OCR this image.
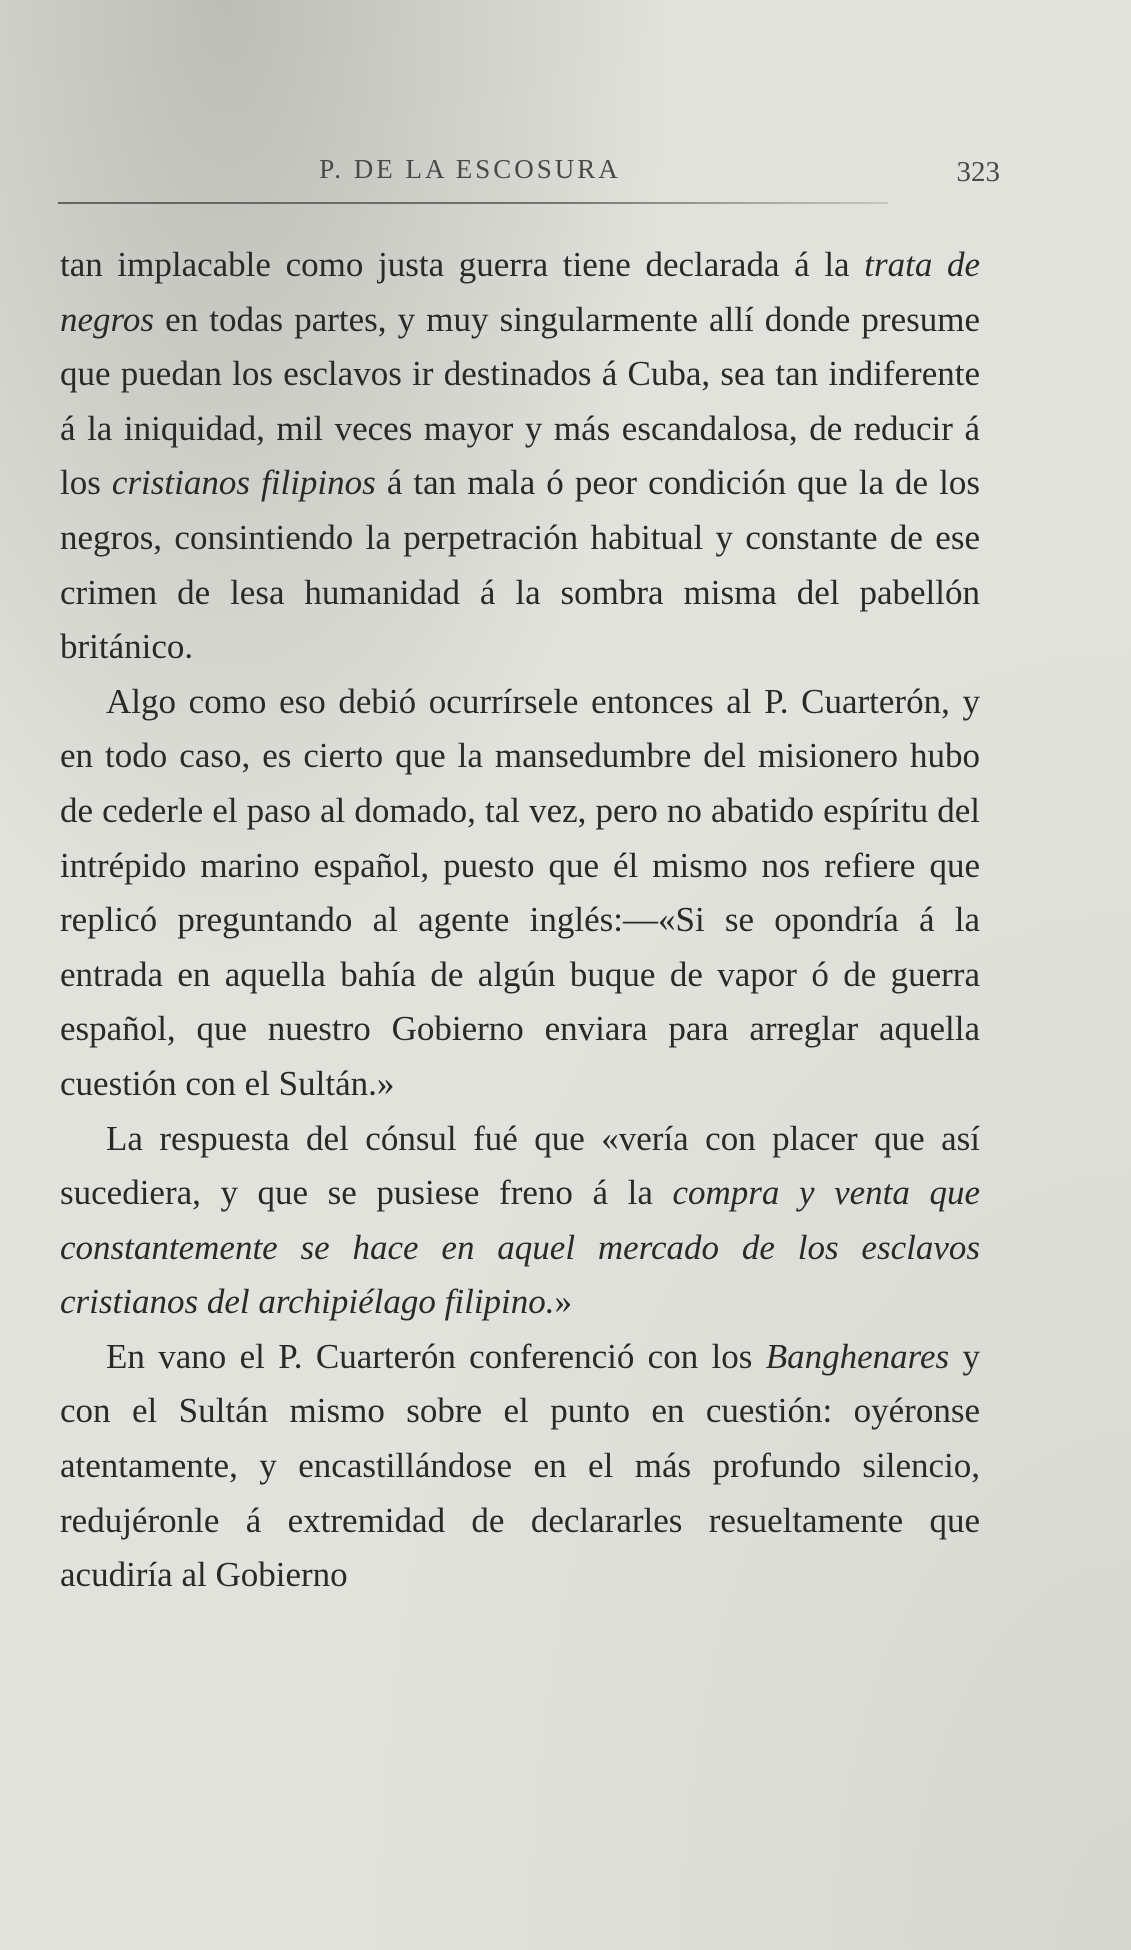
P. DE LA ESCOSURA	323

tan implacable como justa guerra tiene declarada á la trata de negros en todas partes, y muy singularmente allí donde presume que puedan los esclavos ir destinados á Cuba, sea tan indiferente á la iniquidad, mil veces mayor y más escandalosa, de reducir á los cristianos filipinos á tan mala ó peor condición que la de los negros, consintiendo la perpetración habitual y constante de ese crimen de lesa humanidad á la sombra misma del pabellón británico.

Algo como eso debió ocurrírsele entonces al P. Cuarterón, y en todo caso, es cierto que la mansedumbre del misionero hubo de cederle el paso al domado, tal vez, pero no abatido espíritu del intrépido marino español, puesto que él mismo nos refiere que replicó preguntando al agente inglés:—«Si se opondría á la entrada en aquella bahía de algún buque de vapor ó de guerra español, que nuestro Gobierno enviara para arreglar aquella cuestión con el Sultán.»

La respuesta del cónsul fué que «vería con placer que así sucediera, y que se pusiese freno á la compra y venta que constantemente se hace en aquel mercado de los esclavos cristianos del archipiélago filipino.»

En vano el P. Cuarterón conferenció con los Banghenares y con el Sultán mismo sobre el punto en cuestión: oyéronse atentamente, y encastillándose en el más profundo silencio, redujéronle á extremidad de declararles resueltamente que acudiría al Gobierno
